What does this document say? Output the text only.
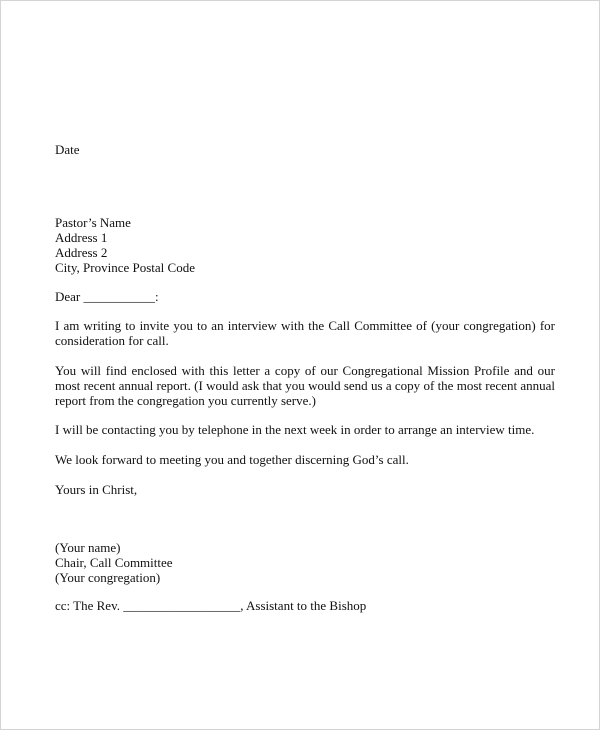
Date
Pastor’s Name
Address 1
Address 2
City, Province Postal Code
Dear ___________:
I am writing to invite you to an interview with the Call Committee of (your congregation) for
consideration for call.
You will find enclosed with this letter a copy of our Congregational Mission Profile and our
most recent annual report. (I would ask that you would send us a copy of the most recent annual
report from the congregation you currently serve.)
I will be contacting you by telephone in the next week in order to arrange an interview time.
We look forward to meeting you and together discerning God’s call.
Yours in Christ,
(Your name)
Chair, Call Committee
(Your congregation)
cc: The Rev. __________________, Assistant to the Bishop
